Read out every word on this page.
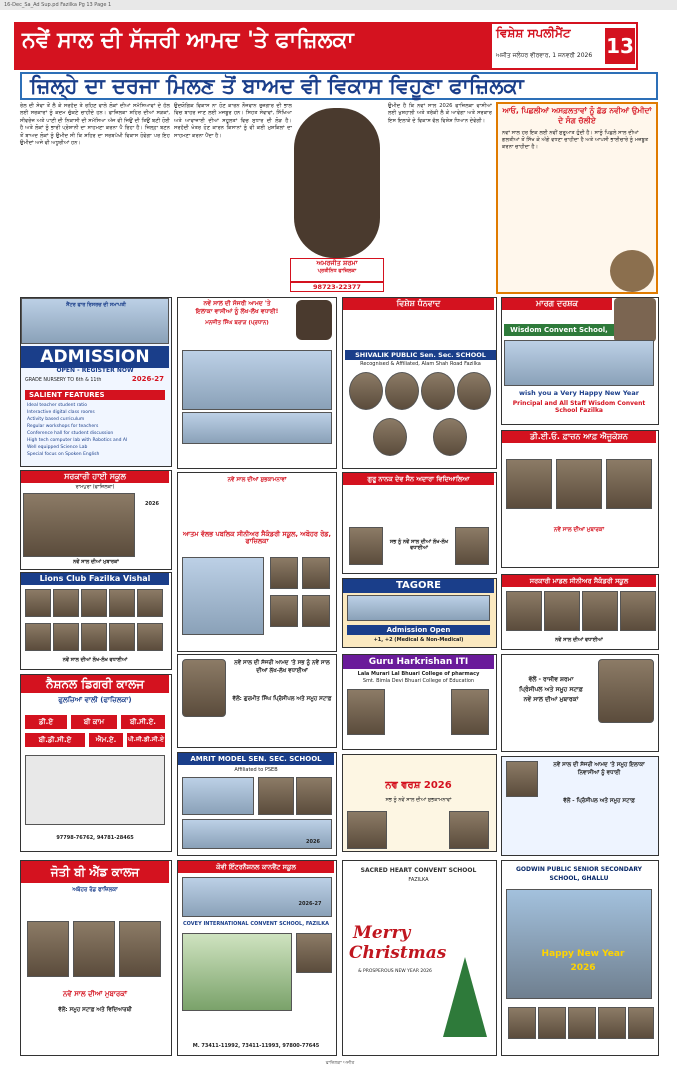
16-Dec_Sa_Ad Sup.pd Fazilka Pg 13 Page 1
ਨਵੇਂ ਸਾਲ ਦੀ ਸੱਜਰੀ ਆਮਦ 'ਤੇ ਫਾਜ਼ਿਲਕਾ	ਵਿਸ਼ੇਸ਼ ਸਪਲੀਮੈਂਟ
ਅਜੀਤ ਜਲੰਧਰ ਵੀਰਵਾਰ, 1 ਜਨਵਰੀ 2026 13
ਜ਼ਿਲ੍ਹੇ ਦਾ ਦਰਜਾ ਮਿਲਣ ਤੋਂ ਬਾਅਦ ਵੀ ਵਿਕਾਸ ਵਿਹੂਣਾ ਫਾਜ਼ਿਲਕਾ
ਰੇਲ ਦੀ ਸੇਵਾ ਤੋਂ ਲੈ ਕੇ ਸਰਹੱਦ ਤੇ ਰਹਿਣ ਵਾਲੇ ਲੋਕਾਂ ਦੀਆਂ ਸਮੱਸਿਆਵਾਂ ਦੇ ਹੱਲ ਲਈ ਸਰਕਾਰਾਂ ਨੂੰ ਕਦਮ ਚੁੱਕਣੇ ਚਾਹੀਦੇ ਹਨ। ਫਾਜ਼ਿਲਕਾ ਸ਼ਹਿਰ ਦੀਆਂ ਸੜਕਾਂ, ਸੀਵਰੇਜ ਅਤੇ ਪਾਣੀ ਦੀ ਨਿਕਾਸੀ ਦੀ ਸਮੱਸਿਆ ਅੱਜ ਵੀ ਜਿਉਂ ਦੀ ਤਿਉਂ ਬਣੀ ਹੋਈ ਹੈ ਅਤੇ ਲੋਕਾਂ ਨੂੰ ਭਾਰੀ ਪ੍ਰੇਸ਼ਾਨੀ ਦਾ ਸਾਹਮਣਾ ਕਰਨਾ ਪੈ ਰਿਹਾ ਹੈ। ਜ਼ਿਲ੍ਹਾ ਬਣਨ ਤੋਂ ਬਾਅਦ ਲੋਕਾਂ ਨੂੰ ਉਮੀਦ ਸੀ ਕਿ ਸ਼ਹਿਰ ਦਾ ਸਰਬਪੱਖੀ ਵਿਕਾਸ ਹੋਵੇਗਾ ਪਰ ਇਹ ਉਮੀਦਾਂ ਅਜੇ ਵੀ ਅਧੂਰੀਆਂ ਹਨ।
ਉਦਯੋਗਿਕ ਵਿਕਾਸ ਨਾ ਹੋਣ ਕਾਰਨ ਨੌਜਵਾਨ ਰੁਜ਼ਗਾਰ ਦੀ ਭਾਲ ਵਿਚ ਬਾਹਰ ਜਾਣ ਲਈ ਮਜਬੂਰ ਹਨ। ਸਿਹਤ ਸੇਵਾਵਾਂ, ਸਿੱਖਿਆ ਅਤੇ ਆਵਾਜਾਈ ਦੀਆਂ ਸਹੂਲਤਾਂ ਵਿਚ ਸੁਧਾਰ ਦੀ ਲੋੜ ਹੈ। ਸਰਹੱਦੀ ਖੇਤਰ ਹੋਣ ਕਾਰਨ ਕਿਸਾਨਾਂ ਨੂੰ ਵੀ ਕਈ ਮੁਸ਼ਕਿਲਾਂ ਦਾ ਸਾਹਮਣਾ ਕਰਨਾ ਪੈਂਦਾ ਹੈ।
ਅਮਰਜੀਤ ਸ਼ਰਮਾ
ਪ੍ਰਤੀਨਿਧ ਫਾਜ਼ਿਲਕਾ
98723-22377
ਉਮੀਦ ਹੈ ਕਿ ਨਵਾਂ ਸਾਲ 2026 ਫਾਜ਼ਿਲਕਾ ਵਾਸੀਆਂ ਲਈ ਖੁਸ਼ਹਾਲੀ ਅਤੇ ਤਰੱਕੀ ਲੈ ਕੇ ਆਵੇਗਾ ਅਤੇ ਸਰਕਾਰ ਇਸ ਇਲਾਕੇ ਦੇ ਵਿਕਾਸ ਵੱਲ ਵਿਸ਼ੇਸ਼ ਧਿਆਨ ਦੇਵੇਗੀ।
ਆਓ, ਪਿਛਲੀਆਂ ਅਸਫ਼ਲਤਾਵਾਂ ਨੂੰ ਛੱਡ ਨਵੀਆਂ ਉਮੀਦਾਂ ਦੇ ਸੰਗ ਚੱਲੀਏ
ਨਵਾਂ ਸਾਲ ਹਰ ਇਕ ਲਈ ਨਵੀਂ ਸ਼ੁਰੂਆਤ ਹੁੰਦੀ ਹੈ। ਸਾਨੂੰ ਪਿਛਲੇ ਸਾਲ ਦੀਆਂ ਗਲਤੀਆਂ ਤੋਂ ਸਿੱਖ ਕੇ ਅੱਗੇ ਵਧਣਾ ਚਾਹੀਦਾ ਹੈ ਅਤੇ ਆਪਸੀ ਭਾਈਚਾਰੇ ਨੂੰ ਮਜ਼ਬੂਤ ਕਰਨਾ ਚਾਹੀਦਾ ਹੈ।
ਸੈਂਟਰ ਫਾਰ ਰਿਸਰਚ ਦੀ ਸਮਾਪਤੀ
ADMISSION
OPEN - REGISTER NOW
GRADE NURSERY TO 6th & 11th	2026-27
SALIENT FEATURES
Ideal teacher student ratio
Interactive digital class rooms
Activity based curriculum
Regular workshops for teachers
Conference hall for student discussion
High tech computer lab with Robotics and AI
Well equipped Science Lab
Special focus on Spoken English
ਨਵੇਂ ਸਾਲ ਦੀ ਸੱਜਰੀ ਆਮਦ 'ਤੇ
ਇਲਾਕਾ ਵਾਸੀਆਂ ਨੂੰ ਲੱਖ-ਲੱਖ ਵਧਾਈ!
ਮਨਜੀਤ ਸਿੰਘ ਬਰਾੜ (ਪ੍ਰਧਾਨ)
ਵਿਸ਼ੇਸ਼ ਧੰਨਵਾਦ
SHIVALIK PUBLIC Sen. Sec. SCHOOL
Recognised & Affiliated, Alam Shah Road Fazilka
ਮਾਰਗ ਦਰਸ਼ਕ
Wisdom Convent School,
wish you a Very Happy New Year
Principal and All Staff Wisdom Convent School Fazilka
ਡੀ.ਈ.ਓ. ਫ਼ਾਜ਼ਨ ਆਫ਼ ਐਜੂਕੇਸ਼ਨ
ਨਵੇਂ ਸਾਲ ਦੀਆਂ ਮੁਬਾਰਕਾਂ
ਸਰਕਾਰੀ ਹਾਈ ਸਕੂਲ
ਰਾਮਪੁਰਾ (ਫਾਜ਼ਿਲਕਾ)
2026
ਨਵੇਂ ਸਾਲ ਦੀਆਂ ਮੁਬਾਰਕਾਂ
Lions Club Fazilka Vishal
ਨਵੇਂ ਸਾਲ ਦੀਆਂ ਲੱਖ-ਲੱਖ ਵਧਾਈਆਂ
ਨੈਸ਼ਨਲ ਡਿਗਰੀ ਕਾਲਜ
ਫੁਲਜ਼ਿਆਂ ਵਾਲੀ (ਫਾਜ਼ਿਲਕਾ)
ਡੀ.ਏ	ਬੀ ਕਾਮ	ਬੀ.ਸੀ.ਏ.
ਬੀ.ਡੀ.ਸੀ.ਏ	ਐਮ.ਏ.	ਪੀ.ਜੀ.ਡੀ.ਸੀ.ਏ
97798-76762, 94781-28465
ਨਵੇਂ ਸਾਲ ਦੀਆਂ ਸ਼ੁਭਕਾਮਨਾਵਾਂ
ਆਤਮ ਵੱਲਭ ਪਬਲਿਕ ਸੀਨੀਅਰ ਸੈਕੰਡਰੀ ਸਕੂਲ, ਅਬੋਹਰ ਰੋਡ, ਫਾਜ਼ਿਲਕਾ
ਗੁਰੂ ਨਾਨਕ ਦੇਵ ਸੈਨ ਅਦਾਰਾ ਵਿਦਿਆਲਿਆ
ਸਭ ਨੂੰ ਨਵੇਂ ਸਾਲ ਦੀਆਂ ਲੱਖ-ਲੱਖ ਵਧਾਈਆਂ
TAGORE
Admission Open
+1, +2 (Medical & Non-Medical)
ਸਰਕਾਰੀ ਮਾਡਲ ਸੀਨੀਅਰ ਸੈਕੰਡਰੀ ਸਕੂਲ
ਨਵੇਂ ਸਾਲ ਦੀਆਂ ਵਧਾਈਆਂ
ਨਵੇਂ ਸਾਲ ਦੀ ਸੱਜਰੀ ਆਮਦ 'ਤੇ ਸਭ ਨੂੰ ਨਵੇਂ ਸਾਲ ਦੀਆਂ ਲੱਖ-ਲੱਖ ਵਧਾਈਆਂ
ਵੱਲੋਂ: ਗੁਰਮੀਤ ਸਿੰਘ ਪ੍ਰਿੰਸੀਪਲ ਅਤੇ ਸਮੂਹ ਸਟਾਫ਼
Guru Harkrishan ITI
Lala Murari Lal Bhuari College of pharmacy
Smt. Bimla Devi Bhuari College of Education	ਵੱਲੋਂ - ਰਾਜੀਵ ਸ਼ਰਮਾ
ਪ੍ਰਿੰਸੀਪਲ ਅਤੇ ਸਮੂਹ ਸਟਾਫ਼
ਨਵੇਂ ਸਾਲ ਦੀਆਂ ਮੁਬਾਰਕਾਂ
AMRIT MODEL SEN. SEC. SCHOOL
Affiliated to PSEB
2026
ਨਵ ਵਰਸ਼ 2026
ਸਭ ਨੂੰ ਨਵੇਂ ਸਾਲ ਦੀਆਂ ਸ਼ੁਭਕਾਮਨਾਵਾਂ
ਨਵੇਂ ਸਾਲ ਦੀ ਸੱਜਰੀ ਆਮਦ 'ਤੇ ਸਮੂਹ ਇਲਾਕਾ ਨਿਵਾਸੀਆਂ ਨੂੰ ਵਧਾਈ
ਵੱਲੋਂ - ਪ੍ਰਿੰਸੀਪਲ ਅਤੇ ਸਮੂਹ ਸਟਾਫ਼
ਜੋਤੀ ਬੀ ਐੱਡ ਕਾਲਜ
ਅਬੋਹਰ ਰੋਡ ਫਾਜ਼ਿਲਕਾ
ਨਵੇਂ ਸਾਲ ਦੀਆਂ ਮੁਬਾਰਕਾਂ
ਵੱਲੋਂ: ਸਮੂਹ ਸਟਾਫ਼ ਅਤੇ ਵਿਦਿਆਰਥੀ
ਕੋਵੀ ਇੰਟਰਨੈਸ਼ਨਲ ਕਾਨਵੈਂਟ ਸਕੂਲ
2026-27
COVEY INTERNATIONAL CONVENT SCHOOL, FAZILKA
M. 73411-11992, 73411-11993, 97800-77645
SACRED HEART CONVENT SCHOOL
FAZILKA
Merry
Christmas
& PROSPEROUS NEW YEAR 2026
GODWIN PUBLIC SENIOR SECONDARY SCHOOL, GHALLU
Happy New Year
2026
ਫਾਜ਼ਿਲਕਾ ਅਜੀਤ
